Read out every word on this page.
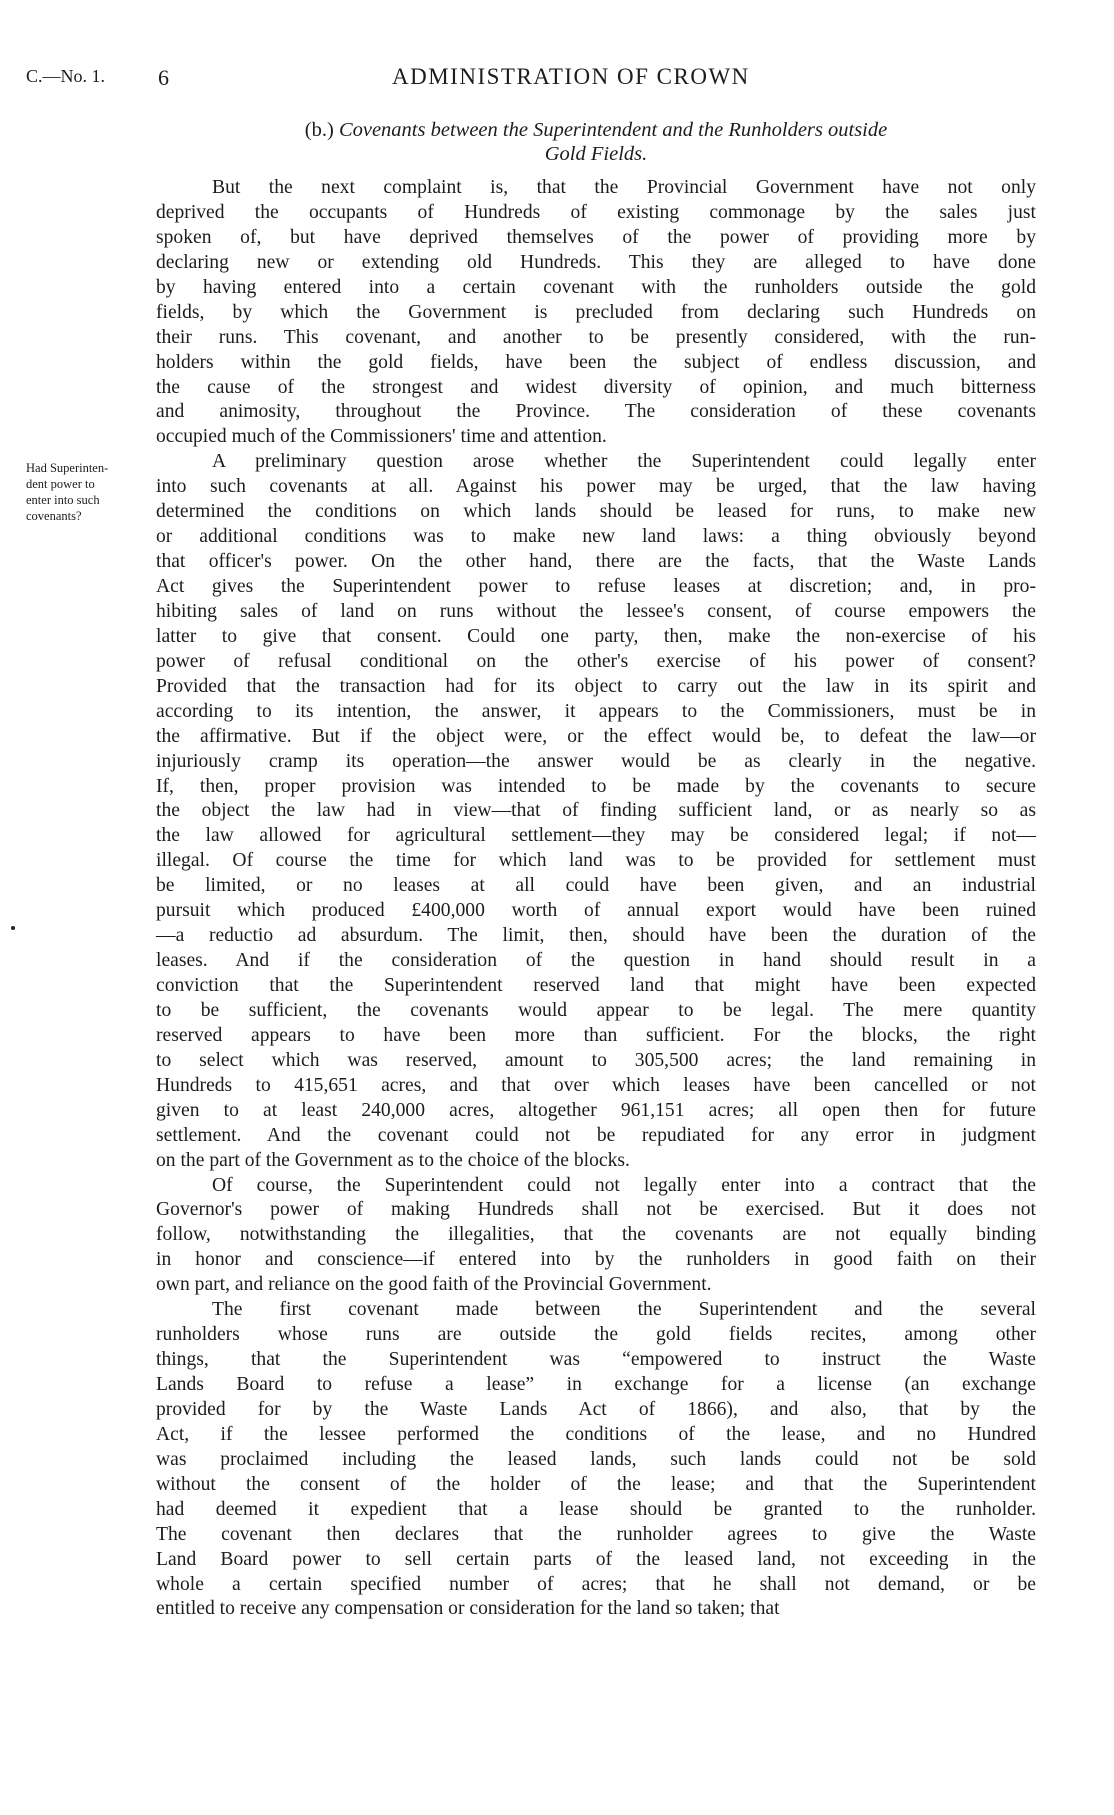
C.—No. 1. 6	ADMINISTRATION OF CROWN
(b.) Covenants between the Superintendent and the Runholders outside
Gold Fields.
Had Superinten-
dent power to
enter into such
covenants?
But the next complaint is, that the Provincial Government have not only
deprived the occupants of Hundreds of existing commonage by the sales just
spoken of, but have deprived themselves of the power of providing more by
declaring new or extending old Hundreds. This they are alleged to have done
by having entered into a certain covenant with the runholders outside the gold
fields, by which the Government is precluded from declaring such Hundreds on
their runs. This covenant, and another to be presently considered, with the run-
holders within the gold fields, have been the subject of endless discussion, and
the cause of the strongest and widest diversity of opinion, and much bitterness
and animosity, throughout the Province. The consideration of these covenants
occupied much of the Commissioners' time and attention.
A preliminary question arose whether the Superintendent could legally enter
into such covenants at all. Against his power may be urged, that the law having
determined the conditions on which lands should be leased for runs, to make new
or additional conditions was to make new land laws: a thing obviously beyond
that officer's power. On the other hand, there are the facts, that the Waste Lands
Act gives the Superintendent power to refuse leases at discretion; and, in pro-
hibiting sales of land on runs without the lessee's consent, of course empowers the
latter to give that consent. Could one party, then, make the non-exercise of his
power of refusal conditional on the other's exercise of his power of consent?
Provided that the transaction had for its object to carry out the law in its spirit and
according to its intention, the answer, it appears to the Commissioners, must be in
the affirmative. But if the object were, or the effect would be, to defeat the law—or
injuriously cramp its operation—the answer would be as clearly in the negative.
If, then, proper provision was intended to be made by the covenants to secure
the object the law had in view—that of finding sufficient land, or as nearly so as
the law allowed for agricultural settlement—they may be considered legal; if not—
illegal. Of course the time for which land was to be provided for settlement must
be limited, or no leases at all could have been given, and an industrial
pursuit which produced £400,000 worth of annual export would have been ruined
—a reductio ad absurdum. The limit, then, should have been the duration of the
leases. And if the consideration of the question in hand should result in a
conviction that the Superintendent reserved land that might have been expected
to be sufficient, the covenants would appear to be legal. The mere quantity
reserved appears to have been more than sufficient. For the blocks, the right
to select which was reserved, amount to 305,500 acres; the land remaining in
Hundreds to 415,651 acres, and that over which leases have been cancelled or not
given to at least 240,000 acres, altogether 961,151 acres; all open then for future
settlement. And the covenant could not be repudiated for any error in judgment
on the part of the Government as to the choice of the blocks.
Of course, the Superintendent could not legally enter into a contract that the
Governor's power of making Hundreds shall not be exercised. But it does not
follow, notwithstanding the illegalities, that the covenants are not equally binding
in honor and conscience—if entered into by the runholders in good faith on their
own part, and reliance on the good faith of the Provincial Government.
The first covenant made between the Superintendent and the several
runholders whose runs are outside the gold fields recites, among other
things, that the Superintendent was “empowered to instruct the Waste
Lands Board to refuse a lease” in exchange for a license (an exchange
provided for by the Waste Lands Act of 1866), and also, that by the
Act, if the lessee performed the conditions of the lease, and no Hundred
was proclaimed including the leased lands, such lands could not be sold
without the consent of the holder of the lease; and that the Superintendent
had deemed it expedient that a lease should be granted to the runholder.
The covenant then declares that the runholder agrees to give the Waste
Land Board power to sell certain parts of the leased land, not exceeding in the
whole a certain specified number of acres; that he shall not demand, or be
entitled to receive any compensation or consideration for the land so taken; that
